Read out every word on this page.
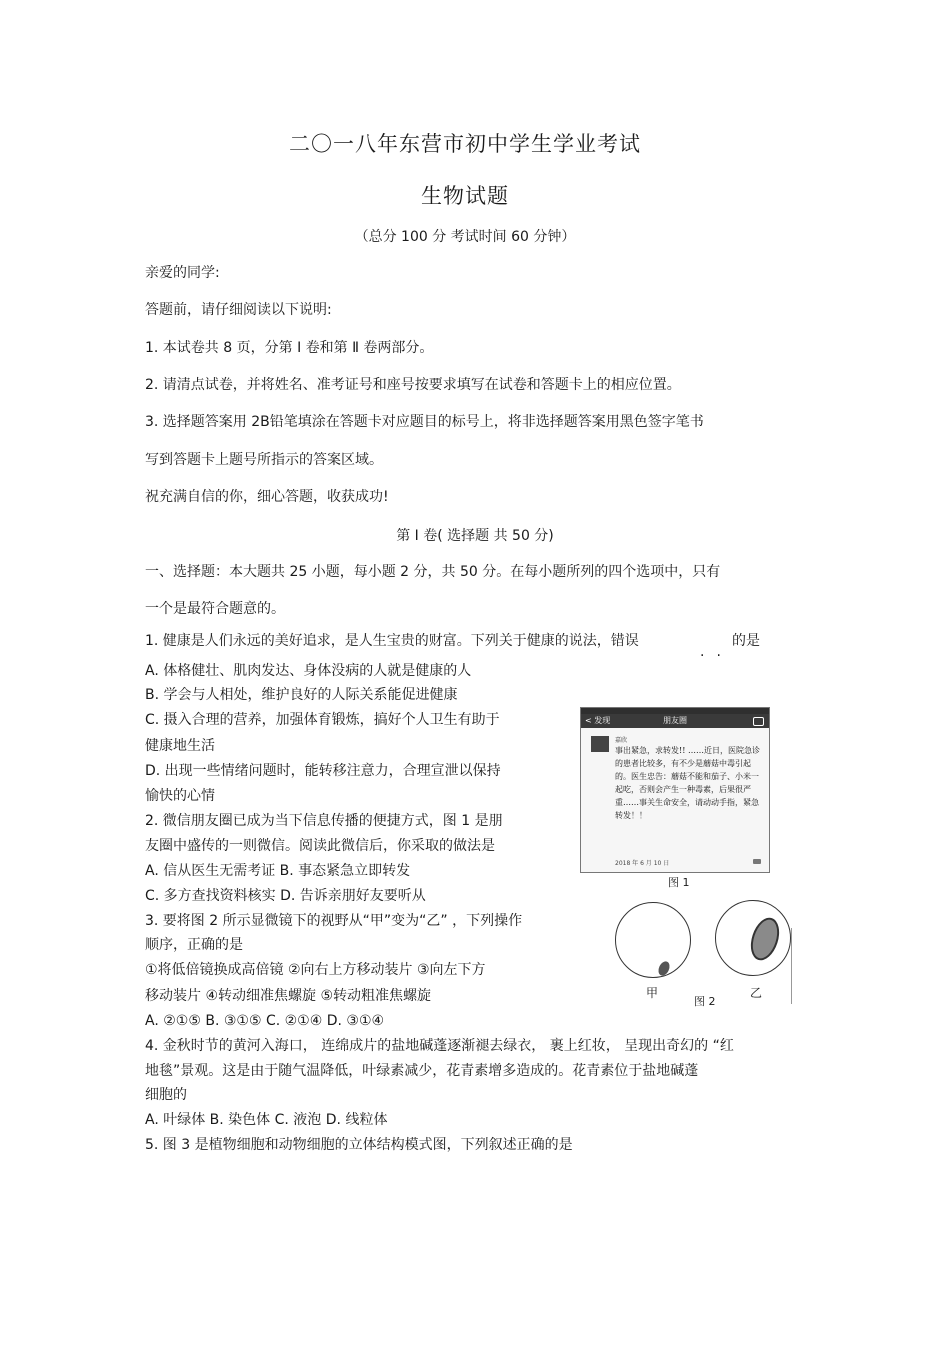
二〇一八年东营市初中学生学业考试
生物试题
（总分 100 分 考试时间 60 分钟）
亲爱的同学:
答题前，请仔细阅读以下说明:
1. 本试卷共 8 页，分第 Ⅰ 卷和第 Ⅱ 卷两部分。
2. 请清点试卷，并将姓名、准考证号和座号按要求填写在试卷和答题卡上的相应位置。
3. 选择题答案用 2B铅笔填涂在答题卡对应题目的标号上，将非选择题答案用黑色签字笔书
写到答题卡上题号所指示的答案区域。
祝充满自信的你，细心答题，收获成功!
第 Ⅰ 卷( 选择题 共 50 分)
一、选择题：本大题共 25 小题，每小题 2 分，共 50 分。在每小题所列的四个选项中，只有
一个是最符合题意的。
1. 健康是人们永远的美好追求，是人生宝贵的财富。下列关于健康的说法，错误
..
的是
A. 体格健壮、肌肉发达、身体没病的人就是健康的人
B. 学会与人相处，维护良好的人际关系能促进健康
C. 摄入合理的营养，加强体育锻炼，搞好个人卫生有助于
健康地生活
D. 出现一些情绪问题时，能转移注意力，合理宣泄以保持
愉快的心情
2. 微信朋友圈已成为当下信息传播的便捷方式，图 1 是朋
友圈中盛传的一则微信。阅读此微信后，你采取的做法是
A. 信从医生无需考证 B. 事态紧急立即转发
C. 多方查找资料核实 D. 告诉亲朋好友要听从
3. 要将图 2 所示显微镜下的视野从“甲”变为“乙” ，下列操作
顺序，正确的是
①将低倍镜换成高倍镜 ②向右上方移动装片 ③向左下方
移动装片 ④转动细准焦螺旋 ⑤转动粗准焦螺旋
A. ②①⑤ B. ③①⑤ C. ②①④ D. ③①④
4. 金秋时节的黄河入海口， 连绵成片的盐地碱蓬逐渐褪去绿衣， 裹上红妆， 呈现出奇幻的 “红
地毯”景观。这是由于随气温降低，叶绿素减少，花青素增多造成的。花青素位于盐地碱蓬
细胞的
A. 叶绿体 B. 染色体 C. 液泡 D. 线粒体
5. 图 3 是植物细胞和动物细胞的立体结构模式图，下列叙述正确的是
< 发现	朋友圈
嘉欣
事出紧急，求转发!! ……近日，医院急诊的患者比较多，有不少是蘑菇中毒引起的。医生忠告：蘑菇不能和茄子、小米一起吃，否则会产生一种毒素，后果很严重……事关生命安全，请动动手指，紧急转发！！
2018 年 6 月 10 日
图 1
甲
图 2
乙
